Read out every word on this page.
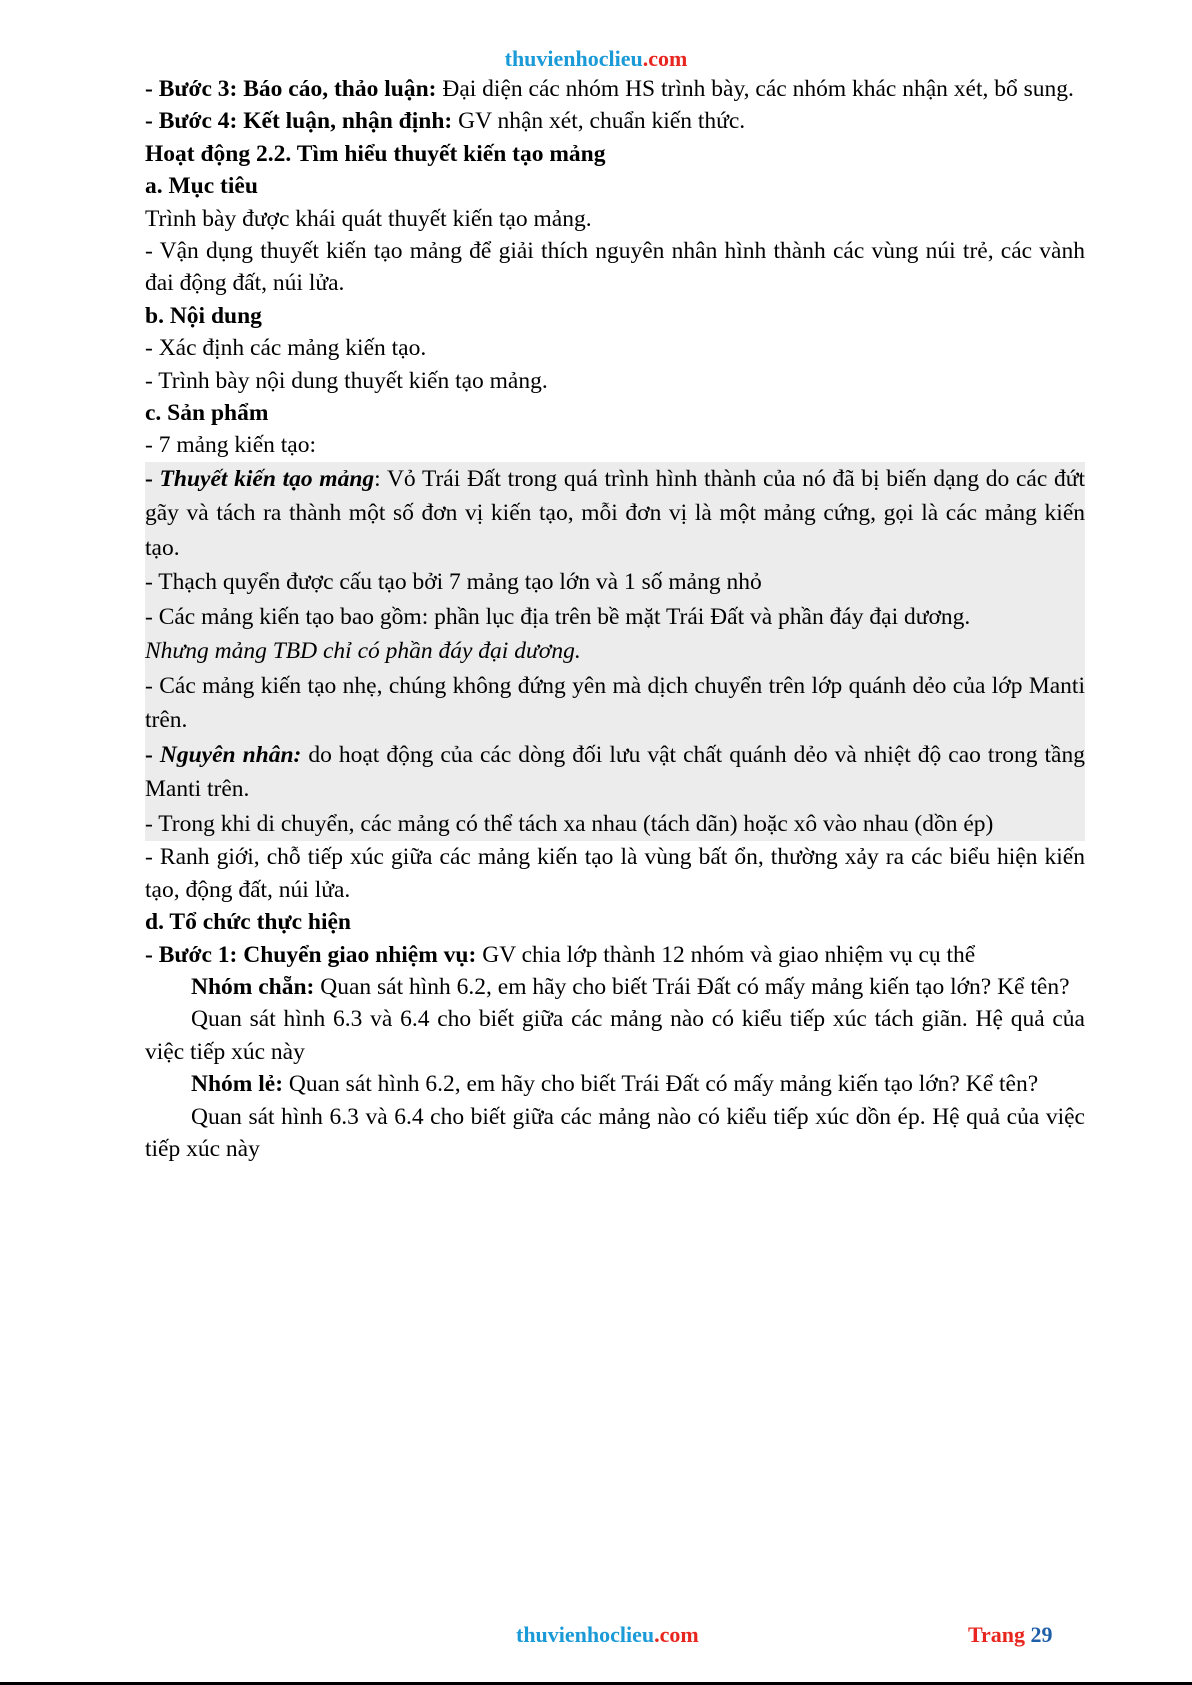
thuvienhoclieu.com

- Bước 3: Báo cáo, thảo luận: Đại diện các nhóm HS trình bày, các nhóm khác nhận xét, bổ sung.

- Bước 4: Kết luận, nhận định: GV nhận xét, chuẩn kiến thức.

Hoạt động 2.2. Tìm hiểu thuyết kiến tạo mảng

a. Mục tiêu

Trình bày được khái quát thuyết kiến tạo mảng.

- Vận dụng thuyết kiến tạo mảng để giải thích nguyên nhân hình thành các vùng núi trẻ, các vành đai động đất, núi lửa.

b. Nội dung

- Xác định các mảng kiến tạo.

- Trình bày nội dung thuyết kiến tạo mảng.

c. Sản phẩm

- 7 mảng kiến tạo:

- Thuyết kiến tạo mảng: Vỏ Trái Đất trong quá trình hình thành của nó đã bị biến dạng do các đứt gãy và tách ra thành một số đơn vị kiến tạo, mỗi đơn vị là một mảng cứng, gọi là các mảng kiến tạo.

- Thạch quyển được cấu tạo bởi 7 mảng tạo lớn và 1 số mảng nhỏ

- Các mảng kiến tạo bao gồm: phần lục địa trên bề mặt Trái Đất và phần đáy đại dương.

Nhưng mảng TBD chỉ có phần đáy đại dương.

- Các mảng kiến tạo nhẹ, chúng không đứng yên mà dịch chuyển trên lớp quánh dẻo của lớp Manti trên.

- Nguyên nhân: do hoạt động của các dòng đối lưu vật chất quánh dẻo và nhiệt độ cao trong tầng Manti trên.

- Trong khi di chuyển, các mảng có thể tách xa nhau (tách dãn) hoặc xô vào nhau (dồn ép)

- Ranh giới, chỗ tiếp xúc giữa các mảng kiến tạo là vùng bất ổn, thường xảy ra các biểu hiện kiến tạo, động đất, núi lửa.

d. Tổ chức thực hiện

- Bước 1: Chuyển giao nhiệm vụ: GV chia lớp thành 12 nhóm và giao nhiệm vụ cụ thể

Nhóm chẵn: Quan sát hình 6.2, em hãy cho biết Trái Đất có mấy mảng kiến tạo lớn? Kể tên?

Quan sát hình 6.3 và 6.4 cho biết giữa các mảng nào có kiểu tiếp xúc tách giãn. Hệ quả của việc tiếp xúc này

Nhóm lẻ: Quan sát hình 6.2, em hãy cho biết Trái Đất có mấy mảng kiến tạo lớn? Kể tên?

Quan sát hình 6.3 và 6.4 cho biết giữa các mảng nào có kiểu tiếp xúc dồn ép. Hệ quả của việc tiếp xúc này

thuvienhoclieu.com	Trang 29
